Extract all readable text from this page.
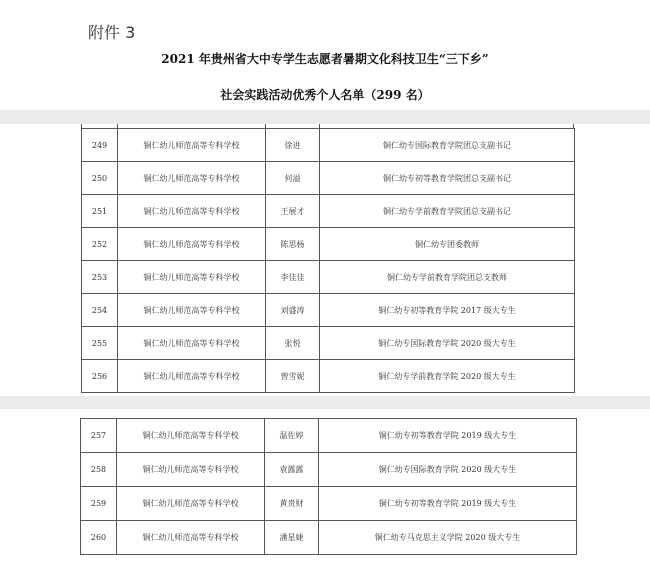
附件 3
2021 年贵州省大中专学生志愿者暑期文化科技卫生“三下乡”
社会实践活动优秀个人名单（299 名）
249	铜仁幼儿师范高等专科学校	徐进	铜仁幼专国际教育学院团总支副书记
250	铜仁幼儿师范高等专科学校	何溢	铜仁幼专初等教育学院团总支副书记
251	铜仁幼儿师范高等专科学校	王展才	铜仁幼专学前教育学院团总支副书记
252	铜仁幼儿师范高等专科学校	陈思杨	铜仁幼专团委教师
253	铜仁幼儿师范高等专科学校	李佳佳	铜仁幼专学前教育学院团总支教师
254	铜仁幼儿师范高等专科学校	刘盛涛	铜仁幼专初等教育学院 2017 级大专生
255	铜仁幼儿师范高等专科学校	张悦	铜仁幼专国际教育学院 2020 级大专生
256	铜仁幼儿师范高等专科学校	曾雪妮	铜仁幼专学前教育学院 2020 级大专生
257	铜仁幼儿师范高等专科学校	温佐婷	铜仁幼专初等教育学院 2019 级大专生
258	铜仁幼儿师范高等专科学校	袁露露	铜仁幼专国际教育学院 2020 级大专生
259	铜仁幼儿师范高等专科学校	黄贵财	铜仁幼专初等教育学院 2019 级大专生
260	铜仁幼儿师范高等专科学校	潘星婕	铜仁幼专马克思主义学院 2020 级大专生
